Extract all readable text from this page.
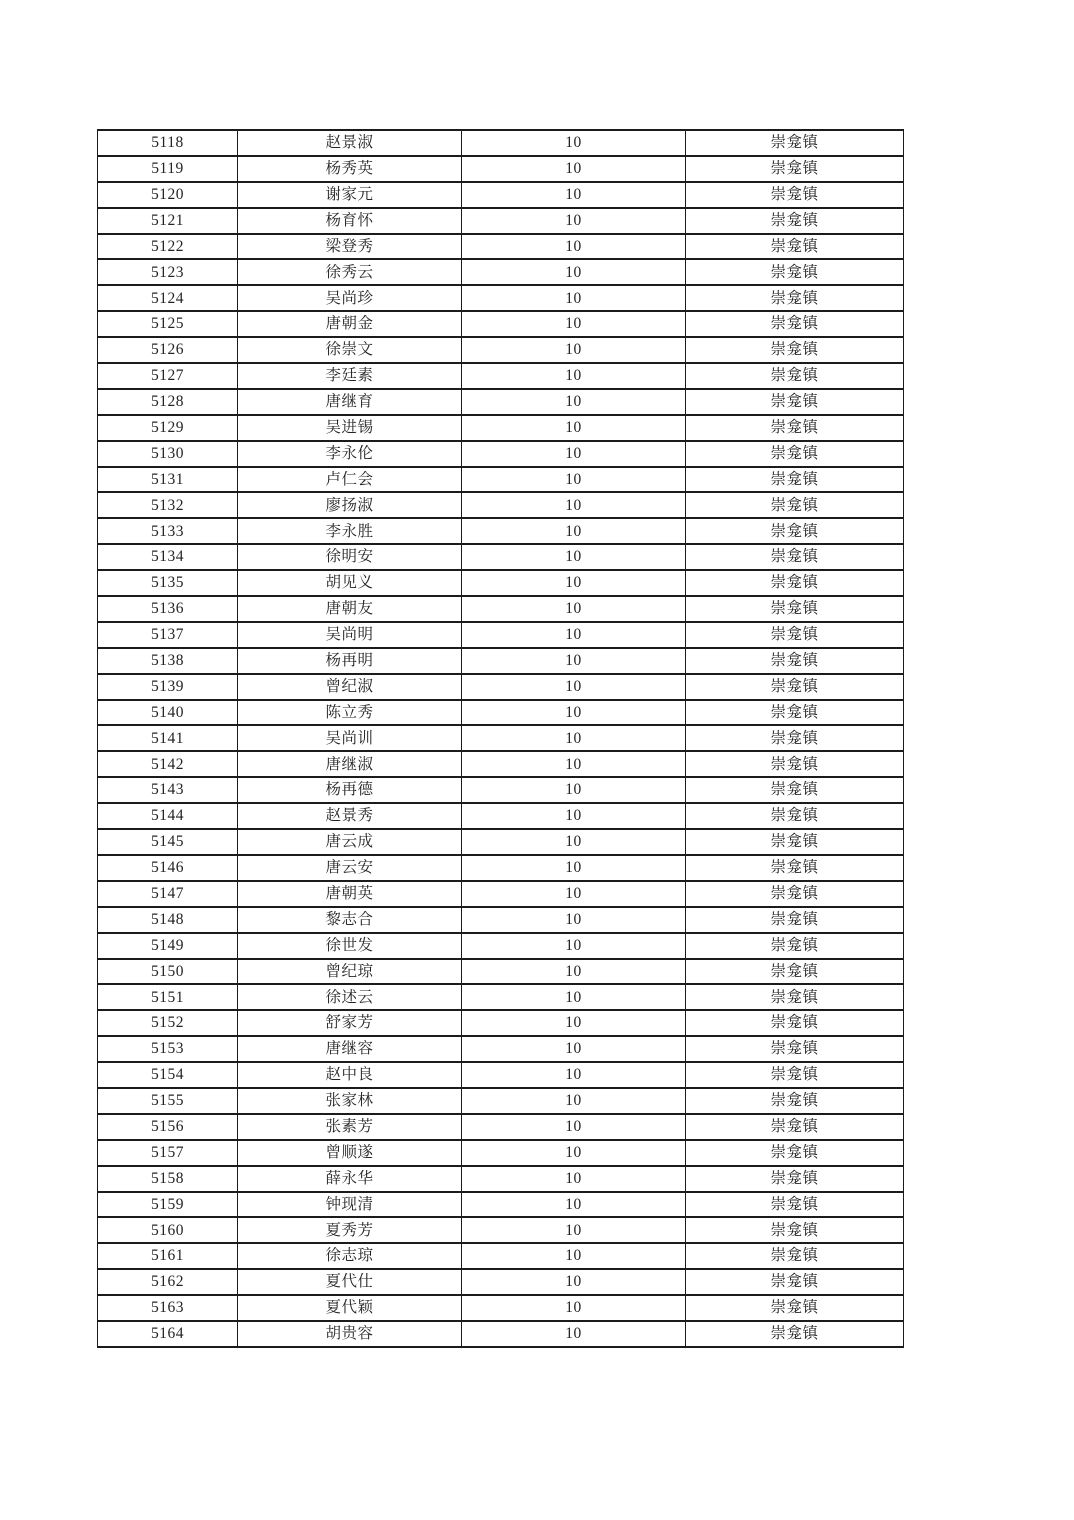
5118	赵景淑	10	崇龛镇
5119	杨秀英	10	崇龛镇
5120	谢家元	10	崇龛镇
5121	杨育怀	10	崇龛镇
5122	梁登秀	10	崇龛镇
5123	徐秀云	10	崇龛镇
5124	吴尚珍	10	崇龛镇
5125	唐朝金	10	崇龛镇
5126	徐崇文	10	崇龛镇
5127	李廷素	10	崇龛镇
5128	唐继育	10	崇龛镇
5129	吴进锡	10	崇龛镇
5130	李永伦	10	崇龛镇
5131	卢仁会	10	崇龛镇
5132	廖扬淑	10	崇龛镇
5133	李永胜	10	崇龛镇
5134	徐明安	10	崇龛镇
5135	胡见义	10	崇龛镇
5136	唐朝友	10	崇龛镇
5137	吴尚明	10	崇龛镇
5138	杨再明	10	崇龛镇
5139	曾纪淑	10	崇龛镇
5140	陈立秀	10	崇龛镇
5141	吴尚训	10	崇龛镇
5142	唐继淑	10	崇龛镇
5143	杨再德	10	崇龛镇
5144	赵景秀	10	崇龛镇
5145	唐云成	10	崇龛镇
5146	唐云安	10	崇龛镇
5147	唐朝英	10	崇龛镇
5148	黎志合	10	崇龛镇
5149	徐世发	10	崇龛镇
5150	曾纪琼	10	崇龛镇
5151	徐述云	10	崇龛镇
5152	舒家芳	10	崇龛镇
5153	唐继容	10	崇龛镇
5154	赵中良	10	崇龛镇
5155	张家林	10	崇龛镇
5156	张素芳	10	崇龛镇
5157	曾顺遂	10	崇龛镇
5158	薛永华	10	崇龛镇
5159	钟现清	10	崇龛镇
5160	夏秀芳	10	崇龛镇
5161	徐志琼	10	崇龛镇
5162	夏代仕	10	崇龛镇
5163	夏代颖	10	崇龛镇
5164	胡贵容	10	崇龛镇
